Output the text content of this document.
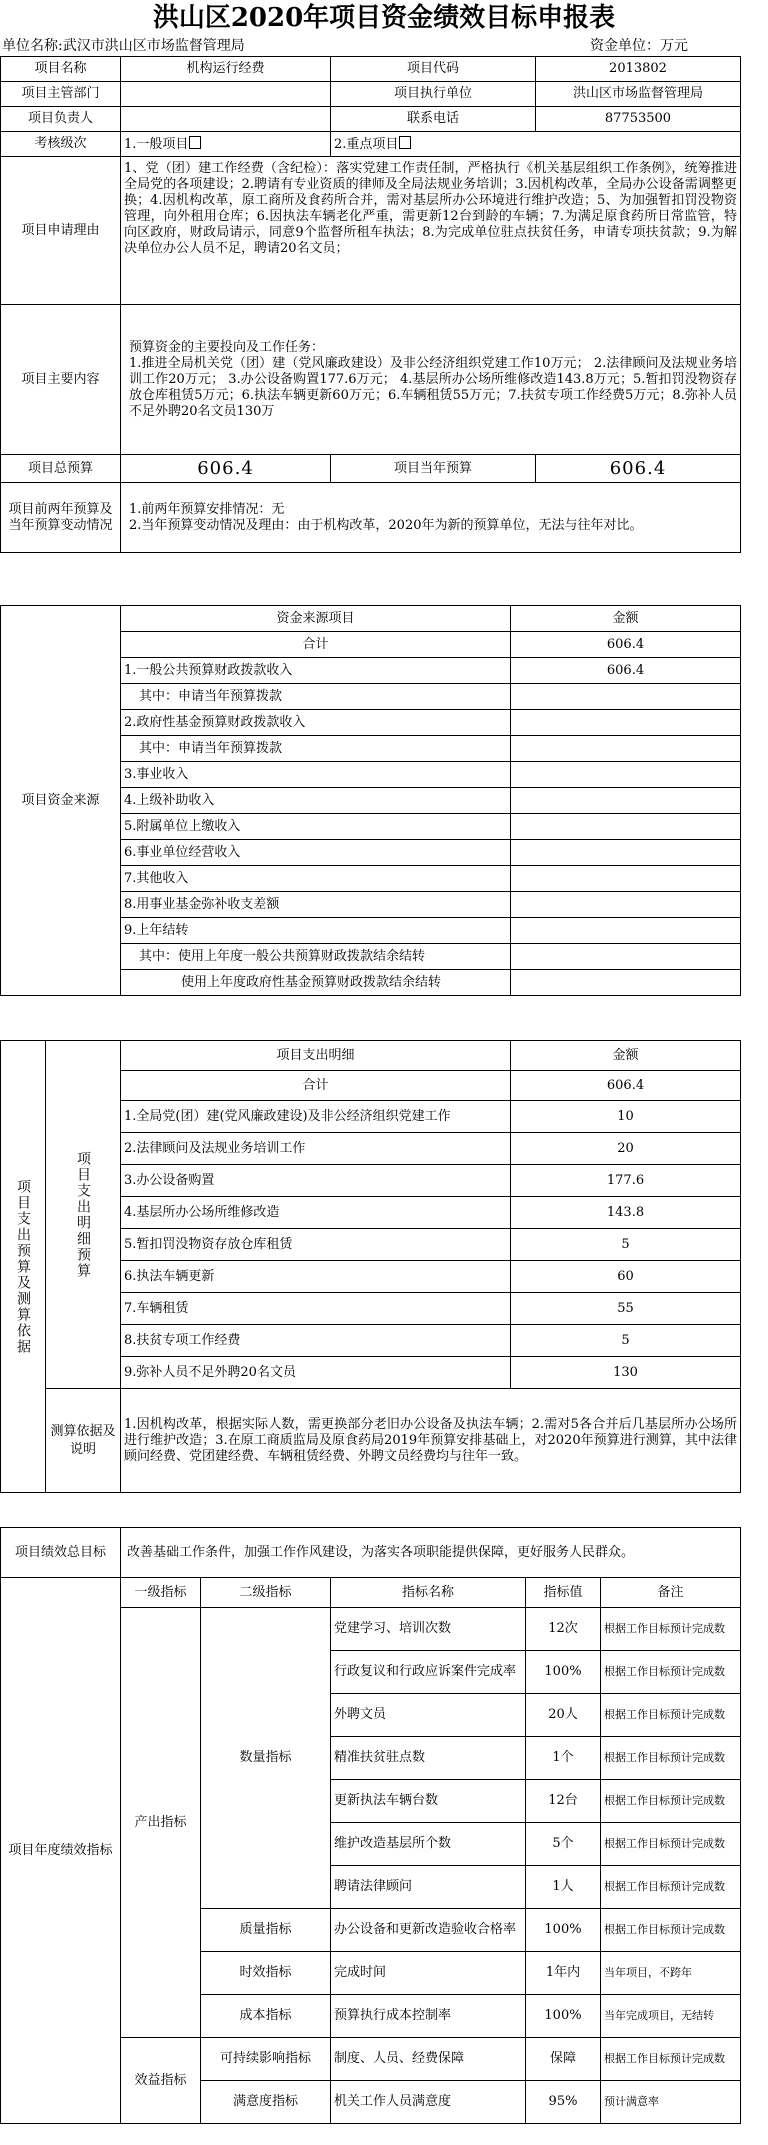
洪山区2020年项目资金绩效目标申报表
单位名称:武汉市洪山区市场监督管理局	资金单位：万元
项目名称	机构运行经费	项目代码	2013802
项目主管部门		项目执行单位	洪山区市场监督管理局
项目负责人		联系电话	87753500
考核级次	1.一般项目	2.重点项目	
项目申请理由	1、党（团）建工作经费（含纪检）：落实党建工作责任制，严格执行《机关基层组织工作条例》，统筹推进全局党的各项建设；2.聘请有专业资质的律师及全局法规业务培训；3.因机构改革，全局办公设备需调整更换；4.因机构改革，原工商所及食药所合并，需对基层所办公环境进行维护改造；5、为加强暂扣罚没物资管理，向外租用仓库；6.因执法车辆老化严重，需更新12台到龄的车辆；7.为满足原食药所日常监管，特向区政府，财政局请示，同意9个监督所租车执法；8.为完成单位驻点扶贫任务，申请专项扶贫款；9.为解决单位办公人员不足，聘请20名文员；		
项目主要内容	预算资金的主要投向及工作任务：
1.推进全局机关党（团）建（党风廉政建设）及非公经济组织党建工作10万元； 2.法律顾问及法规业务培训工作20万元； 3.办公设备购置177.6万元； 4.基层所办公场所维修改造143.8万元；5.暂扣罚没物资存放仓库租赁5万元；6.执法车辆更新60万元；6.车辆租赁55万元；7.扶贫专项工作经费5万元；8.弥补人员不足外聘20名文员130万		
项目总预算	606.4	项目当年预算	606.4
项目前两年预算及当年预算变动情况	1.前两年预算安排情况：无
2.当年预算变动情况及理由：由于机构改革，2020年为新的预算单位，无法与往年对比。		
项目资金来源	资金来源项目	金额
	合计	606.4
	1.一般公共预算财政拨款收入	606.4
	其中：申请当年预算拨款	
	2.政府性基金预算财政拨款收入	
	其中：申请当年预算拨款	
	3.事业收入	
	4.上级补助收入	
	5.附属单位上缴收入	
	6.事业单位经营收入	
	7.其他收入	
	8.用事业基金弥补收支差额	
	9.上年结转	
	其中：使用上年度一般公共预算财政拨款结余结转	
	使用上年度政府性基金预算财政拨款结余结转	
项目支出预算及测算依据	项目支出明细预算	项目支出明细	金额
		合计	606.4
		1.全局党(团）建(党风廉政建设)及非公经济组织党建工作	10
		2.法律顾问及法规业务培训工作	20
		3.办公设备购置	177.6
		4.基层所办公场所维修改造	143.8
		5.暂扣罚没物资存放仓库租赁	5
		6.执法车辆更新	60
		7.车辆租赁	55
		8.扶贫专项工作经费	5
		9.弥补人员不足外聘20名文员	130
	测算依据及说明	1.因机构改革，根据实际人数，需更换部分老旧办公设备及执法车辆；2.需对5各合并后几基层所办公场所进行维护改造；3.在原工商质监局及原食药局2019年预算安排基础上，对2020年预算进行测算，其中法律顾问经费、党团建经费、车辆租赁经费、外聘文员经费均与往年一致。	
项目绩效总目标	改善基础工作条件，加强工作作风建设，为落实各项职能提供保障，更好服务人民群众。				
项目年度绩效指标	一级指标	二级指标	指标名称	指标值	备注
	产出指标	数量指标	党建学习、培训次数	12次	根据工作目标预计完成数
			行政复议和行政应诉案件完成率	100%	根据工作目标预计完成数
			外聘文员	20人	根据工作目标预计完成数
			精准扶贫驻点数	1个	根据工作目标预计完成数
			更新执法车辆台数	12台	根据工作目标预计完成数
			维护改造基层所个数	5个	根据工作目标预计完成数
			聘请法律顾问	1人	根据工作目标预计完成数
		质量指标	办公设备和更新改造验收合格率	100%	根据工作目标预计完成数
		时效指标	完成时间	1年内	当年项目，不跨年
		成本指标	预算执行成本控制率	100%	当年完成项目，无结转
	效益指标	可持续影响指标	制度、人员、经费保障	保障	根据工作目标预计完成数
		满意度指标	机关工作人员满意度	95%	预计满意率
